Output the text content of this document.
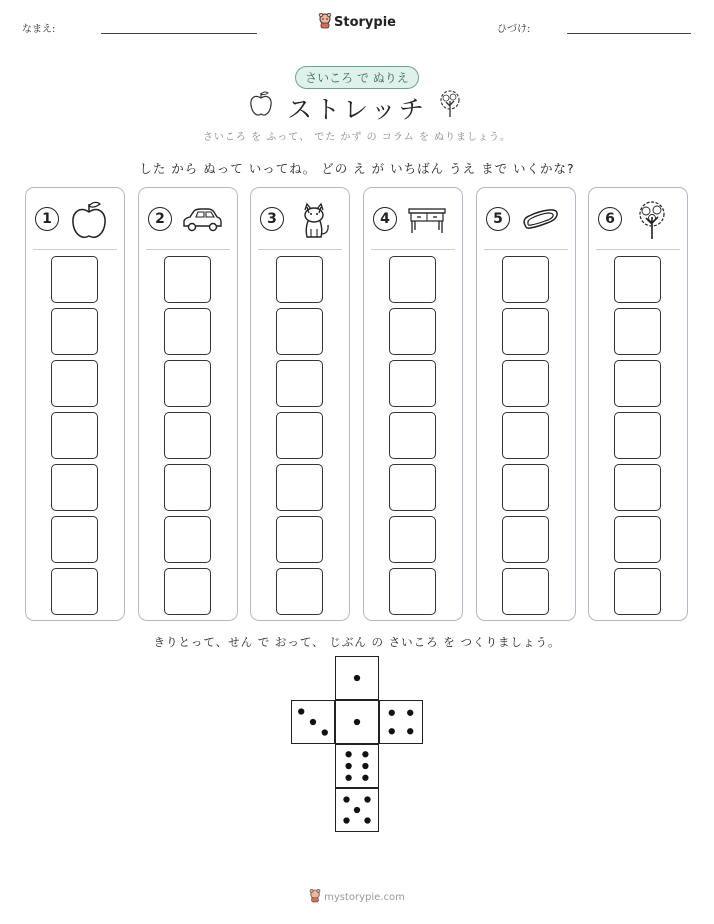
なまえ:	Storypie	ひづけ:
さいころ で ぬりえ
ストレッチ
さいころ を ふって、 でた かず の コラム を ぬりましょう。
した から ぬって いってね。 どの え が いちばん うえ まで いくかな?
1	2	3	4	5	6
きりとって、せん で おって、 じぶん の さいころ を つくりましょう。
mystorypie.com
